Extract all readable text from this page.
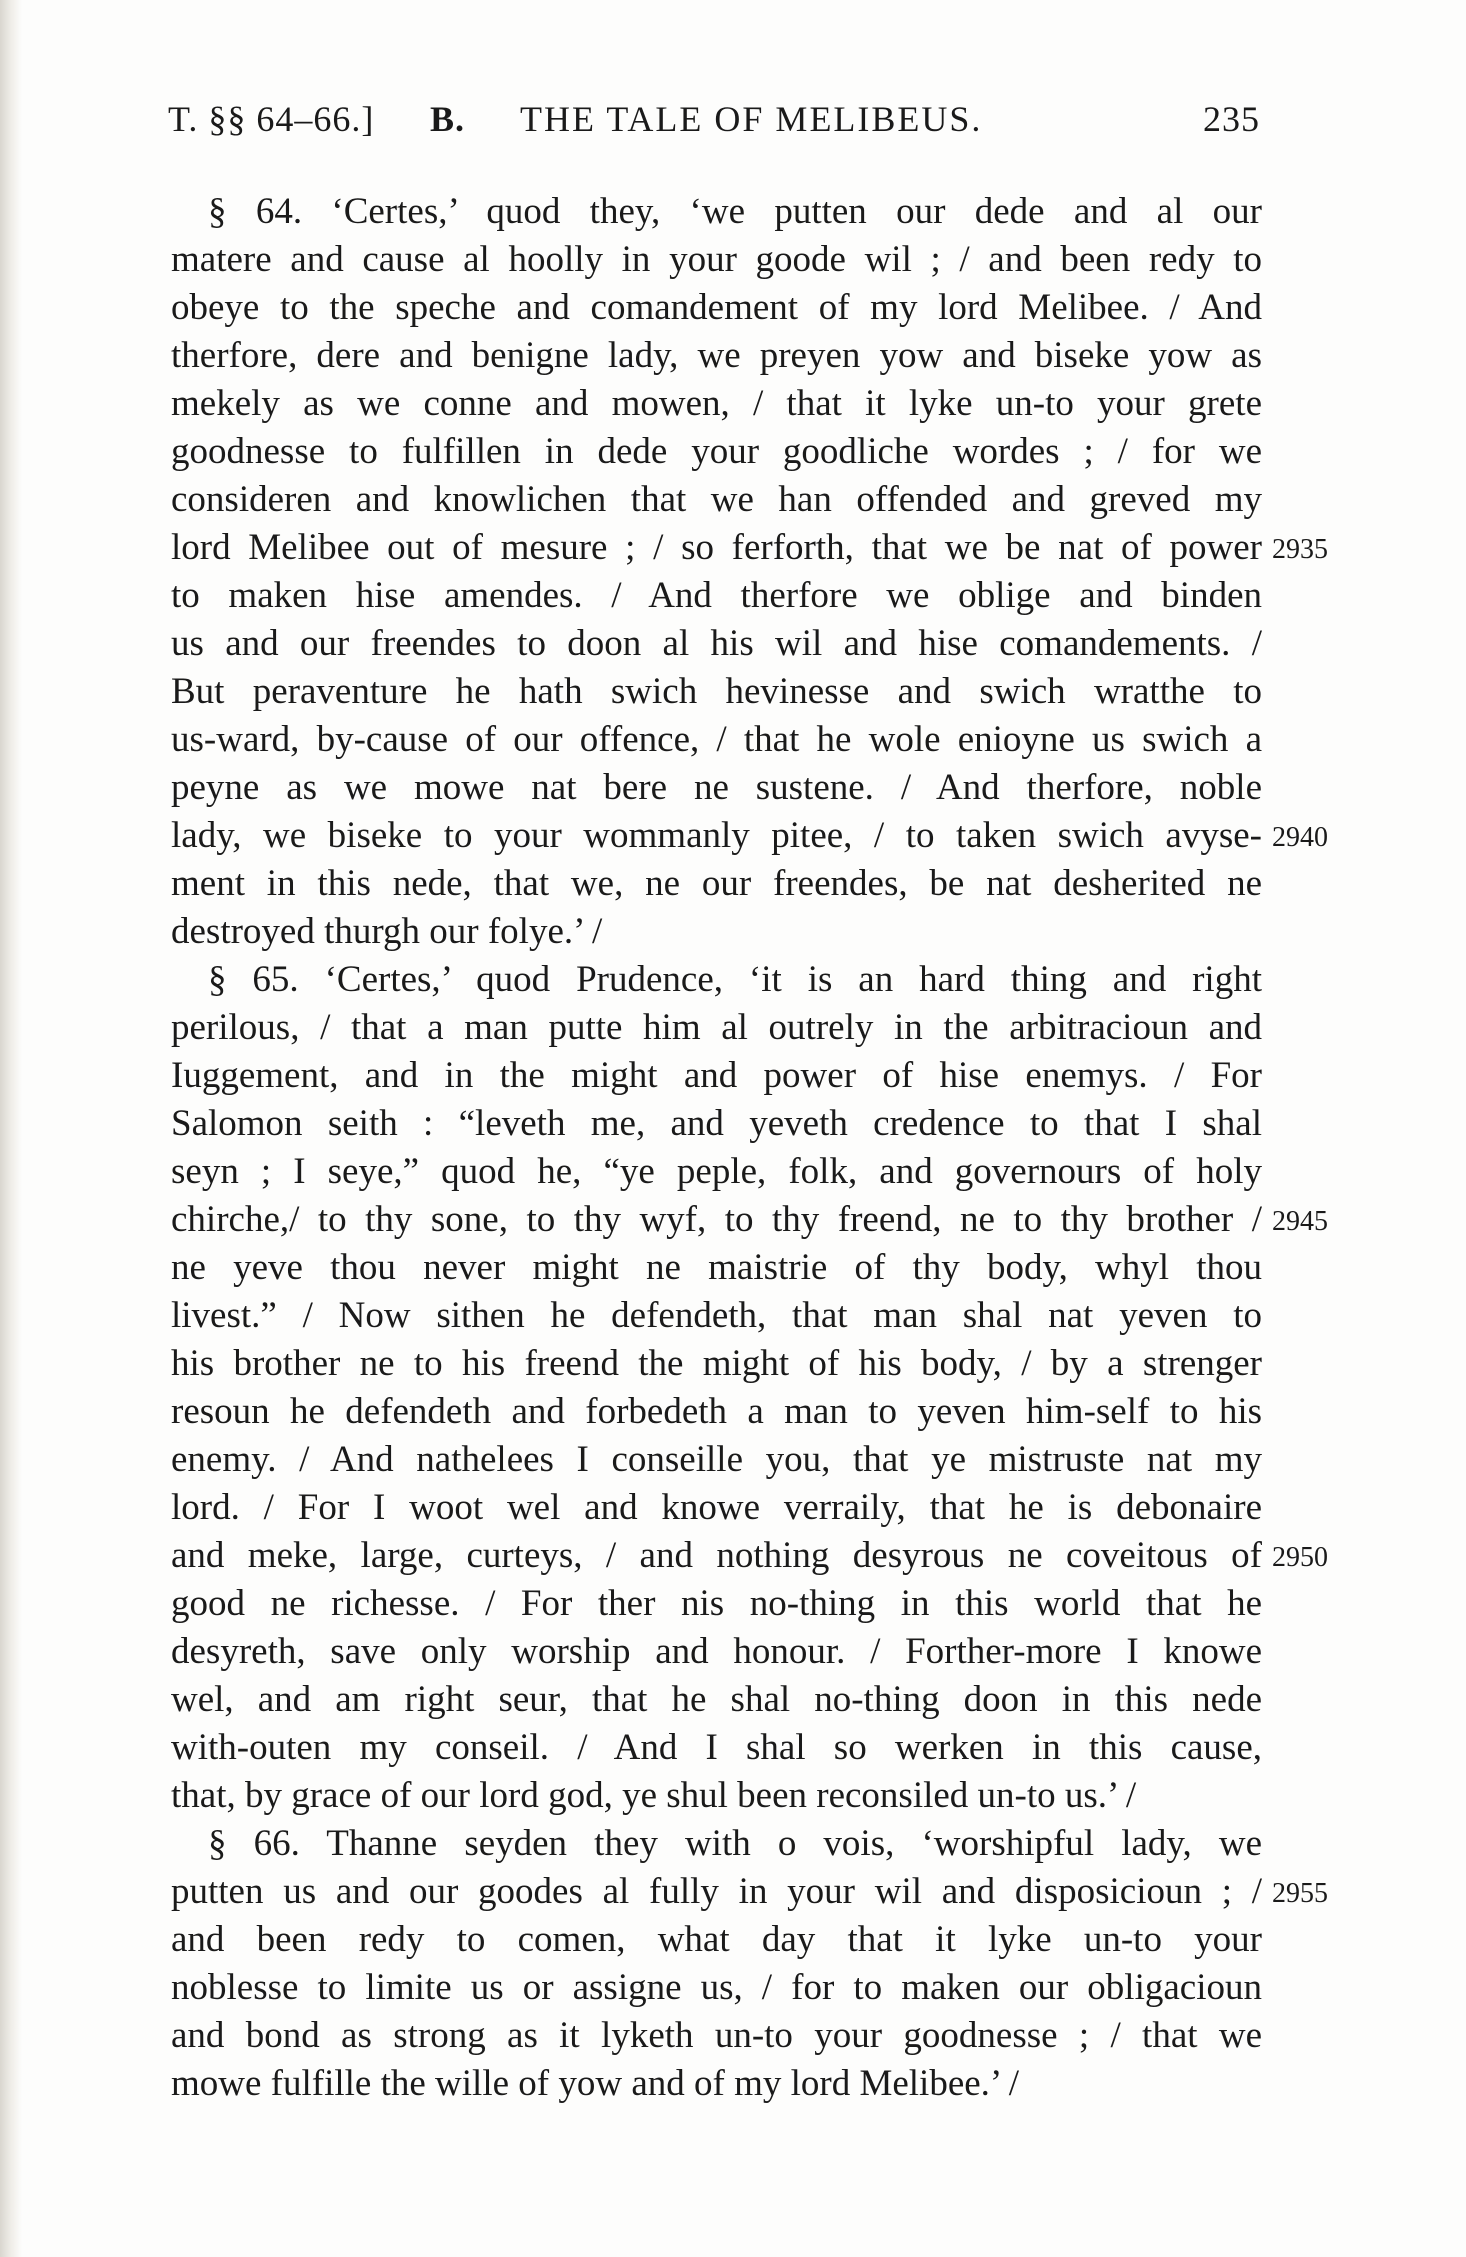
T. §§ 64–66.] B. THE TALE OF MELIBEUS.	235
§ 64. ‘Certes,’ quod they, ‘we putten our dede and al our
matere and cause al hoolly in your goode wil ; / and been redy to
obeye to the speche and comandement of my lord Melibee. / And
therfore, dere and benigne lady, we preyen yow and biseke yow as
mekely as we conne and mowen, / that it lyke un-to your grete
goodnesse to fulfillen in dede your goodliche wordes ; / for we
consideren and knowlichen that we han offended and greved my
lord Melibee out of mesure ; / so ferforth, that we be nat of power
to maken hise amendes. / And therfore we oblige and binden
us and our freendes to doon al his wil and hise comandements. /
But peraventure he hath swich hevinesse and swich wratthe to
us-ward, by-cause of our offence, / that he wole enioyne us swich a
peyne as we mowe nat bere ne sustene. / And therfore, noble
lady, we biseke to your wommanly pitee, / to taken swich avyse-
ment in this nede, that we, ne our freendes, be nat desherited ne
destroyed thurgh our folye.’ /
§ 65. ‘Certes,’ quod Prudence, ‘it is an hard thing and right
perilous, / that a man putte him al outrely in the arbitracioun and
Iuggement, and in the might and power of hise enemys. / For
Salomon seith : “leveth me, and yeveth credence to that I shal
seyn ; I seye,” quod he, “ye peple, folk, and governours of holy
chirche,/ to thy sone, to thy wyf, to thy freend, ne to thy brother /
ne yeve thou never might ne maistrie of thy body, whyl thou
livest.” / Now sithen he defendeth, that man shal nat yeven to
his brother ne to his freend the might of his body, / by a strenger
resoun he defendeth and forbedeth a man to yeven him-self to his
enemy. / And nathelees I conseille you, that ye mistruste nat my
lord. / For I woot wel and knowe verraily, that he is debonaire
and meke, large, curteys, / and nothing desyrous ne coveitous of
good ne richesse. / For ther nis no-thing in this world that he
desyreth, save only worship and honour. / Forther-more I knowe
wel, and am right seur, that he shal no-thing doon in this nede
with-outen my conseil. / And I shal so werken in this cause,
that, by grace of our lord god, ye shul been reconsiled un-to us.’ /
§ 66. Thanne seyden they with o vois, ‘worshipful lady, we
putten us and our goodes al fully in your wil and disposicioun ; /
and been redy to comen, what day that it lyke un-to your
noblesse to limite us or assigne us, / for to maken our obligacioun
and bond as strong as it lyketh un-to your goodnesse ; / that we
mowe fulfille the wille of yow and of my lord Melibee.’ /
2935
2940
2945
2950
2955
